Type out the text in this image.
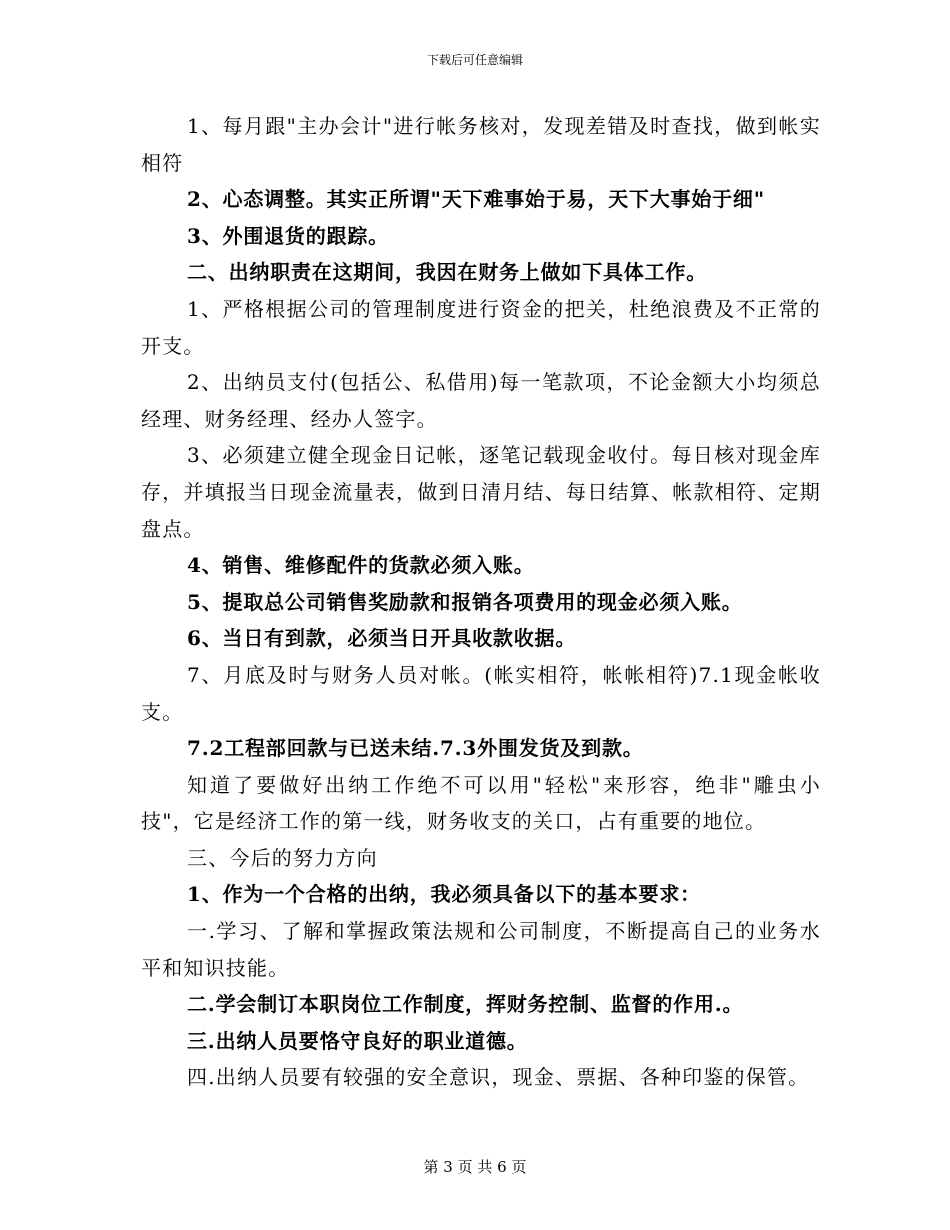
下载后可任意编辑

1、每月跟"主办会计"进行帐务核对，发现差错及时查找，做到帐实相符

2、心态调整。其实正所谓"天下难事始于易，天下大事始于细"

3、外围退货的跟踪。

二、出纳职责在这期间，我因在财务上做如下具体工作。

1、严格根据公司的管理制度进行资金的把关，杜绝浪费及不正常的开支。

2、出纳员支付(包括公、私借用)每一笔款项，不论金额大小均须总经理、财务经理、经办人签字。

3、必须建立健全现金日记帐，逐笔记载现金收付。每日核对现金库存，并填报当日现金流量表，做到日清月结、每日结算、帐款相符、定期盘点。

4、销售、维修配件的货款必须入账。

5、提取总公司销售奖励款和报销各项费用的现金必须入账。

6、当日有到款，必须当日开具收款收据。

7、月底及时与财务人员对帐。(帐实相符，帐帐相符)7.1现金帐收支。

7.2工程部回款与已送未结.7.3外围发货及到款。

知道了要做好出纳工作绝不可以用"轻松"来形容，绝非"雕虫小技"，它是经济工作的第一线，财务收支的关口，占有重要的地位。

三、今后的努力方向

1、作为一个合格的出纳，我必须具备以下的基本要求：

一.学习、了解和掌握政策法规和公司制度，不断提高自己的业务水平和知识技能。

二.学会制订本职岗位工作制度，挥财务控制、监督的作用.。

三.出纳人员要恪守良好的职业道德。

四.出纳人员要有较强的安全意识，现金、票据、各种印鉴的保管。

第 3 页 共 6 页
